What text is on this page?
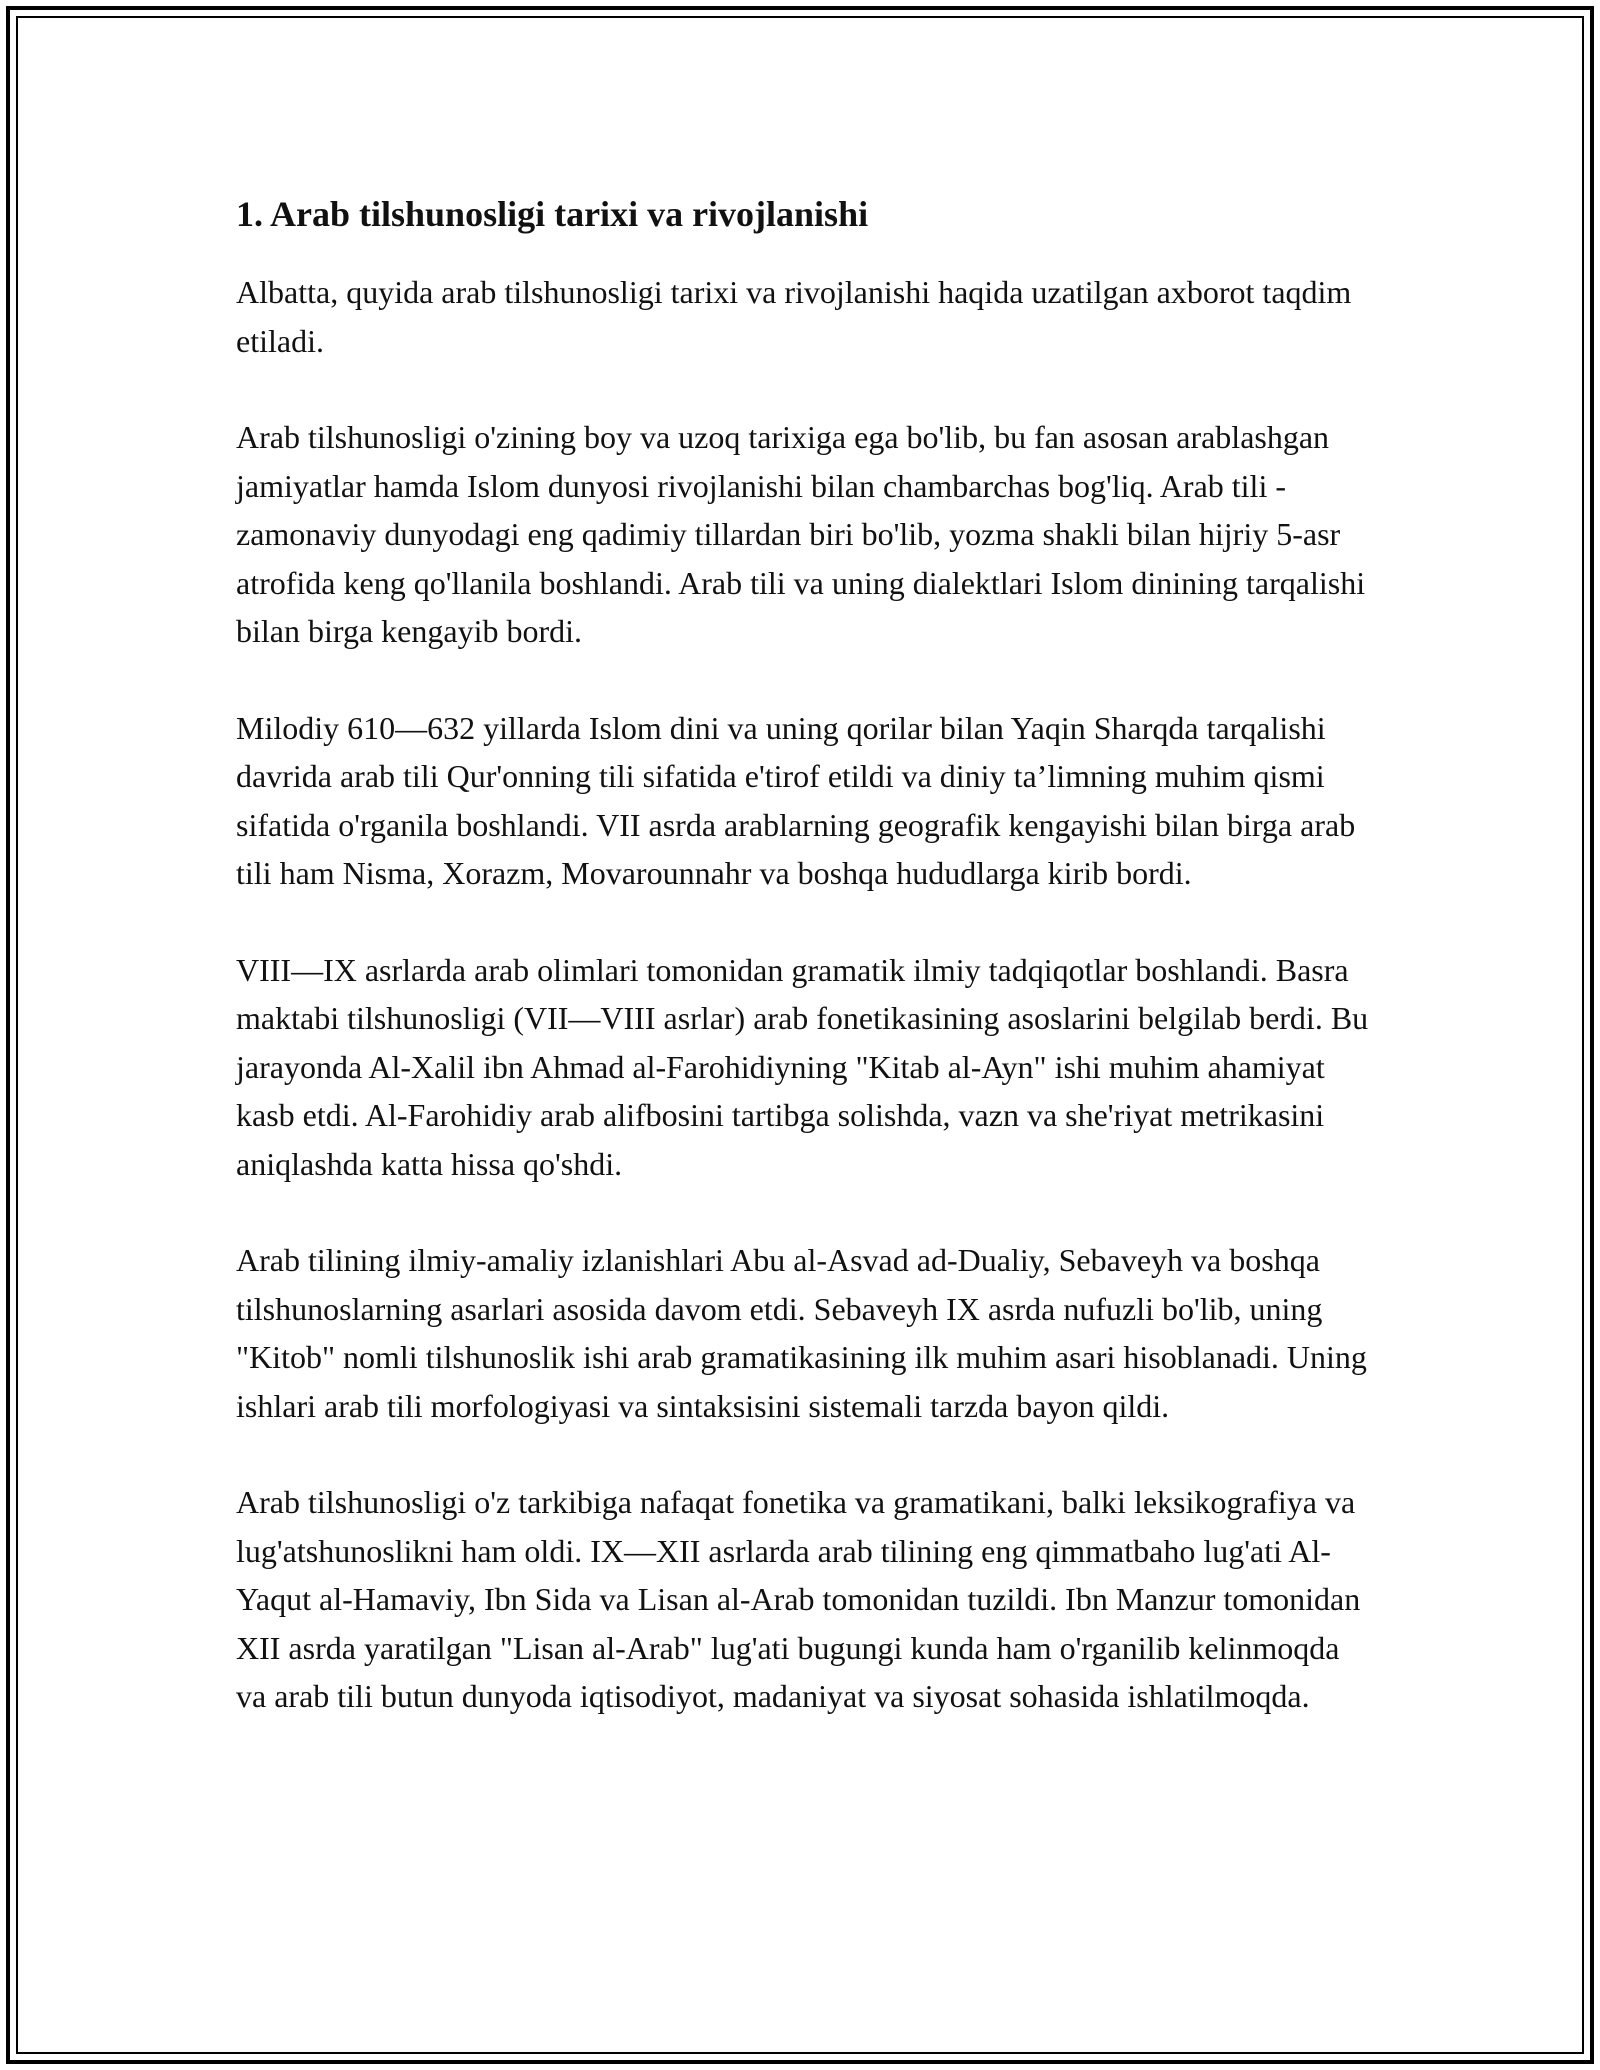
1. Arab tilshunosligi tarixi va rivojlanishi

Albatta, quyida arab tilshunosligi tarixi va rivojlanishi haqida uzatilgan axborot taqdim etiladi.

Arab tilshunosligi o'zining boy va uzoq tarixiga ega bo'lib, bu fan asosan arablashgan jamiyatlar hamda Islom dunyosi rivojlanishi bilan chambarchas bog'liq. Arab tili - zamonaviy dunyodagi eng qadimiy tillardan biri bo'lib, yozma shakli bilan hijriy 5-asr atrofida keng qo'llanila boshlandi. Arab tili va uning dialektlari Islom dinining tarqalishi bilan birga kengayib bordi.

Milodiy 610—632 yillarda Islom dini va uning qorilar bilan Yaqin Sharqda tarqalishi davrida arab tili Qur'onning tili sifatida e'tirof etildi va diniy ta’limning muhim qismi sifatida o'rganila boshlandi. VII asrda arablarning geografik kengayishi bilan birga arab tili ham Nisma, Xorazm, Movarounnahr va boshqa hududlarga kirib bordi.

VIII—IX asrlarda arab olimlari tomonidan gramatik ilmiy tadqiqotlar boshlandi. Basra maktabi tilshunosligi (VII—VIII asrlar) arab fonetikasining asoslarini belgilab berdi. Bu jarayonda Al-Xalil ibn Ahmad al-Farohidiyning "Kitab al-Ayn" ishi muhim ahamiyat kasb etdi. Al-Farohidiy arab alifbosini tartibga solishda, vazn va she'riyat metrikasini aniqlashda katta hissa qo'shdi.

Arab tilining ilmiy-amaliy izlanishlari Abu al-Asvad ad-Dualiy, Sebaveyh va boshqa tilshunoslarning asarlari asosida davom etdi. Sebaveyh IX asrda nufuzli bo'lib, uning "Kitob" nomli tilshunoslik ishi arab gramatikasining ilk muhim asari hisoblanadi. Uning ishlari arab tili morfologiyasi va sintaksisini sistemali tarzda bayon qildi.

Arab tilshunosligi o'z tarkibiga nafaqat fonetika va gramatikani, balki leksikografiya va lug'atshunoslikni ham oldi. IX—XII asrlarda arab tilining eng qimmatbaho lug'ati Al-Yaqut al-Hamaviy, Ibn Sida va Lisan al-Arab tomonidan tuzildi. Ibn Manzur tomonidan XII asrda yaratilgan "Lisan al-Arab" lug'ati bugungi kunda ham o'rganilib kelinmoqda va arab tili butun dunyoda iqtisodiyot, madaniyat va siyosat sohasida ishlatilmoqda.
